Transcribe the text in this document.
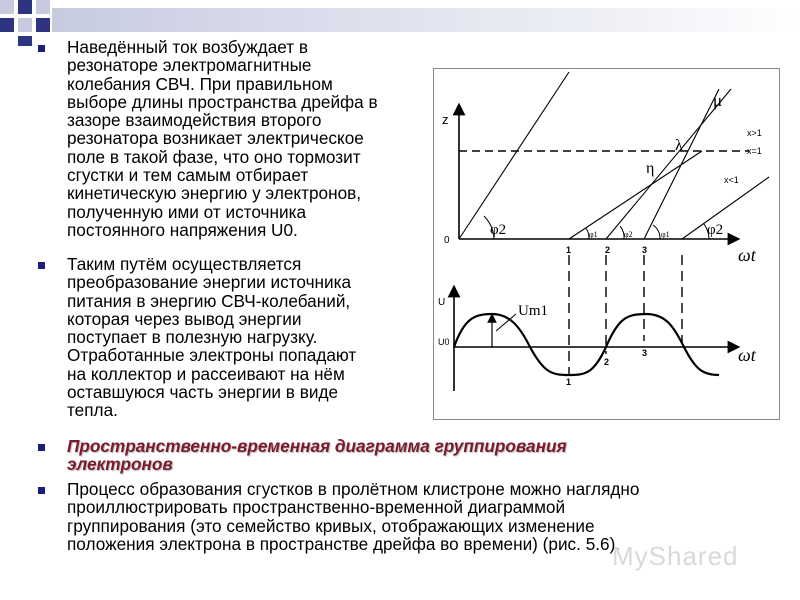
Наведённый ток возбуждает в
резонаторе электромагнитные
колебания СВЧ. При правильном
выборе длины пространства дрейфа в
зазоре взаимодействия второго
резонатора возникает электрическое
поле в такой фазе, что оно тормозит
сгустки и тем самым отбирает
кинетическую энергию у электронов,
полученную ими от источника
постоянного напряжения U0.
Таким путём осуществляется
преобразование энергии источника
питания в энергию СВЧ-колебаний,
которая через вывод энергии
поступает в полезную нагрузку.
Отработанные электроны попадают
на коллектор и рассеивают на нём
оставшуюся часть энергии в виде
тепла.
Пространственно-временная диаграмма группирования
электронов
Процесс образования сгустков в пролётном клистроне можно наглядно
проиллюстрировать пространственно-временной диаграммой
группирования (это семейство кривых, отображающих изменение
положения электрона в пространстве дрейфа во времени) (рис. 5.6).
z
0
ωt
μ
λ
η
x>1
x=1
x<1
φ2	φ1	φ2	φ1 φ2
1	2	3
U
U0
ωt
Um1
1
2
3
MyShared
